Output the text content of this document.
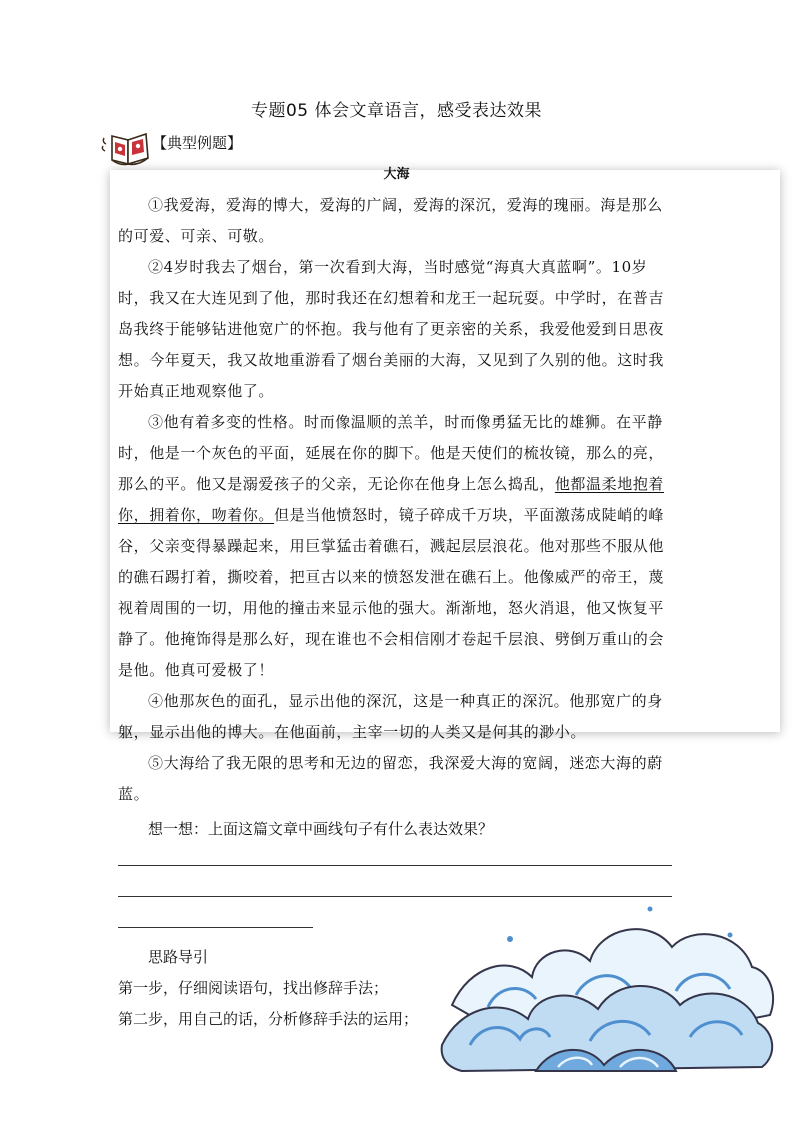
专题05 体会文章语言，感受表达效果
【典型例题】
大海

①我爱海，爱海的博大，爱海的广阔，爱海的深沉，爱海的瑰丽。海是那么的可爱、可亲、可敬。

②4岁时我去了烟台，第一次看到大海，当时感觉“海真大真蓝啊”。10岁时，我又在大连见到了他，那时我还在幻想着和龙王一起玩耍。中学时，在普吉岛我终于能够钻进他宽广的怀抱。我与他有了更亲密的关系，我爱他爱到日思夜想。今年夏天，我又故地重游看了烟台美丽的大海，又见到了久别的他。这时我开始真正地观察他了。

③他有着多变的性格。时而像温顺的羔羊，时而像勇猛无比的雄狮。在平静时，他是一个灰色的平面，延展在你的脚下。他是天使们的梳妆镜，那么的亮，那么的平。他又是溺爱孩子的父亲，无论你在他身上怎么捣乱，他都温柔地抱着你，拥着你，吻着你。但是当他愤怒时，镜子碎成千万块，平面激荡成陡峭的峰谷，父亲变得暴躁起来，用巨掌猛击着礁石，溅起层层浪花。他对那些不服从他的礁石踢打着，撕咬着，把亘古以来的愤怒发泄在礁石上。他像威严的帝王，蔑视着周围的一切，用他的撞击来显示他的强大。渐渐地，怒火消退，他又恢复平静了。他掩饰得是那么好，现在谁也不会相信刚才卷起千层浪、劈倒万重山的会是他。他真可爱极了！

④他那灰色的面孔，显示出他的深沉，这是一种真正的深沉。他那宽广的身躯，显示出他的博大。在他面前，主宰一切的人类又是何其的渺小。

⑤大海给了我无限的思考和无边的留恋，我深爱大海的宽阔，迷恋大海的蔚蓝。

想一想：上面这篇文章中画线句子有什么表达效果？
思路导引
第一步，仔细阅读语句，找出修辞手法；
第二步，用自己的话，分析修辞手法的运用；
